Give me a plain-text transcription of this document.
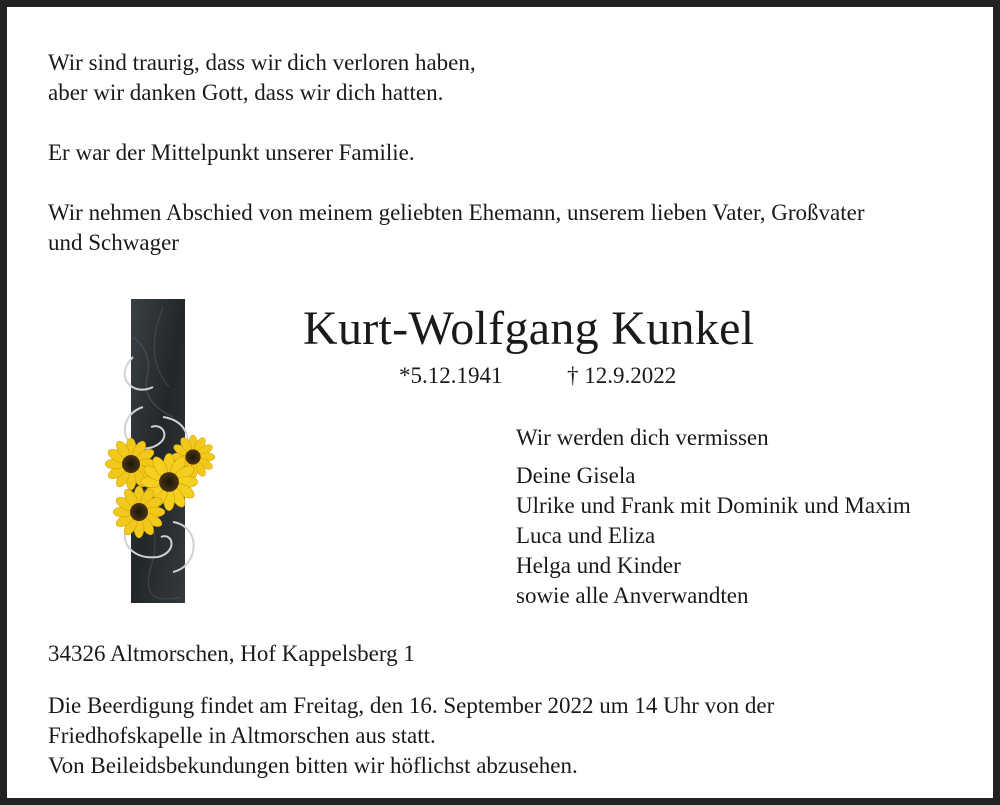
Wir sind traurig, dass wir dich verloren haben,
aber wir danken Gott, dass wir dich hatten.

Er war der Mittelpunkt unserer Familie.

Wir nehmen Abschied von meinem geliebten Ehemann, unserem lieben Vater, Großvater
und Schwager
Kurt-Wolfgang Kunkel
*5.12.1941	† 12.9.2022
Wir werden dich vermissen
Deine Gisela
Ulrike und Frank mit Dominik und Maxim
Luca und Eliza
Helga und Kinder
sowie alle Anverwandten
34326 Altmorschen, Hof Kappelsberg 1
Die Beerdigung findet am Freitag, den 16. September 2022 um 14 Uhr von der
Friedhofskapelle in Altmorschen aus statt.
Von Beileidsbekundungen bitten wir höflichst abzusehen.
